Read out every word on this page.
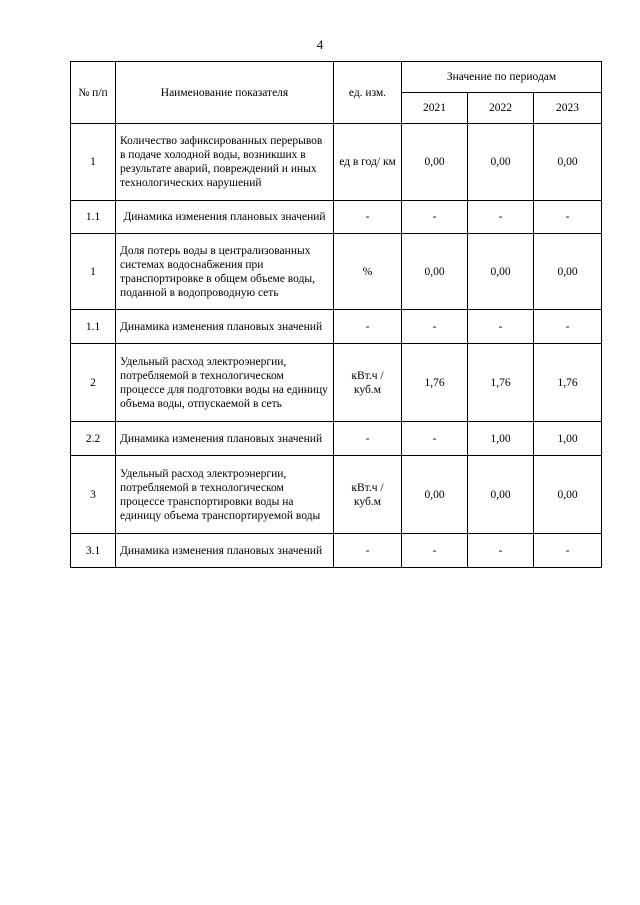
4
№ п/п	Наименование показателя	ед. изм.	Значение по периодам		
			2021	2022	2023
1	Количество зафиксированных перерывов в подаче холодной воды, возникших в результате аварий, повреждений и иных технологических нарушений	ед в год/ км	0,00	0,00	0,00
1.1	Динамика изменения плановых значений	-	-	-	-
1	Доля потерь воды в централизованных системах водоснабжения при транспортировке в общем объеме воды, поданной в водопроводную сеть	%	0,00	0,00	0,00
1.1	Динамика изменения плановых значений	-	-	-	-
2	Удельный расход электроэнергии, потребляемой в технологическом процессе для подготовки воды на единицу объема воды, отпускаемой в сеть	кВт.ч / куб.м	1,76	1,76	1,76
2.2	Динамика изменения плановых значений	-	-	1,00	1,00
3	Удельный расход электроэнергии, потребляемой в технологическом процессе транспортировки воды на единицу объема транспортируемой воды	кВт.ч / куб.м	0,00	0,00	0,00
3.1	Динамика изменения плановых значений	-	-	-	-
